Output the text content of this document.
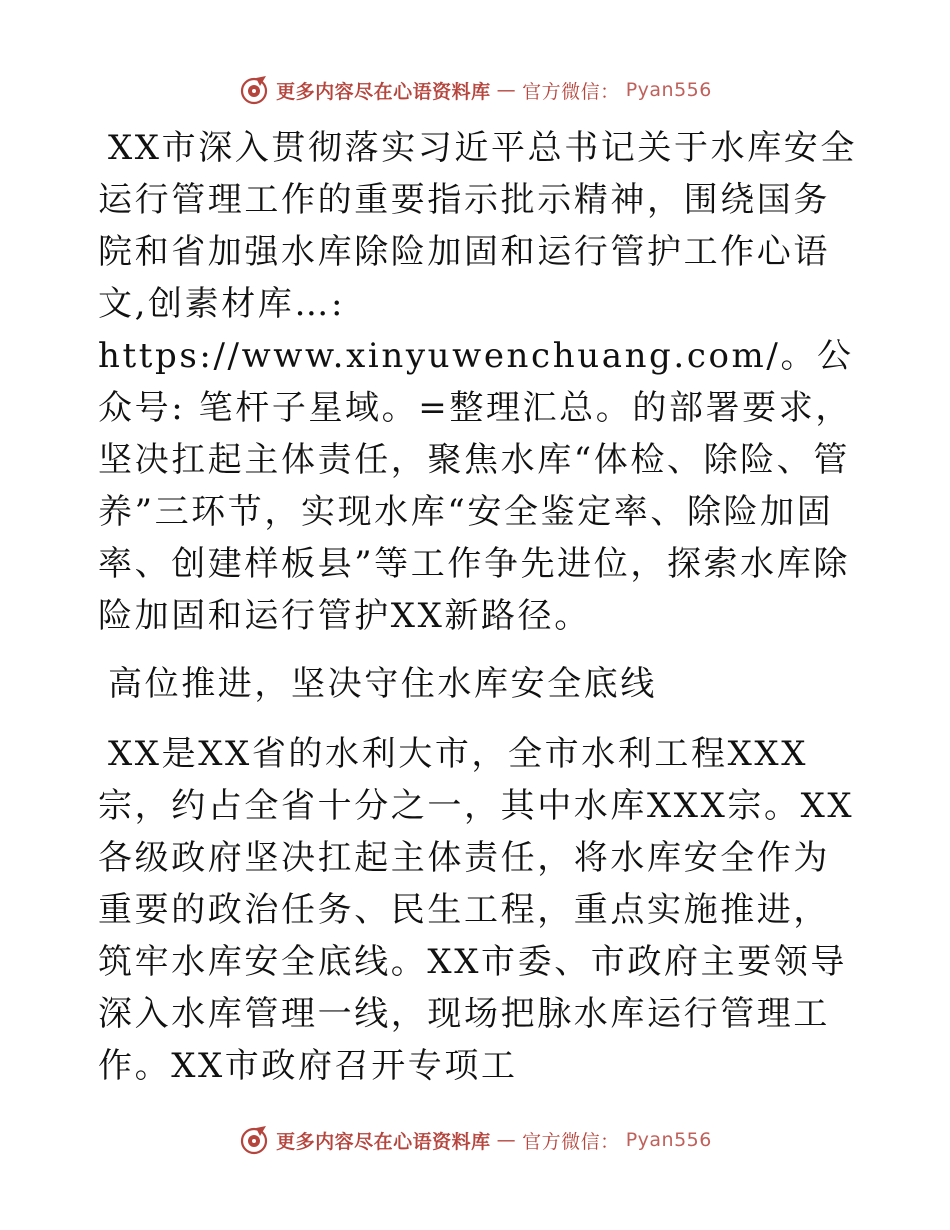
更多内容尽在心语资料库 — 官方微信： Pyan556

XX市深入贯彻落实习近平总书记关于水库安全运行管理工作的重要指示批示精神，围绕国务院和省加强水库除险加固和运行管护工作心语文,创素材库…: https://www.xinyuwenchuang.com/。公众号: 笔杆子星域。=整理汇总。的部署要求，坚决扛起主体责任，聚焦水库“体检、除险、管养”三环节，实现水库“安全鉴定率、除险加固率、创建样板县”等工作争先进位，探索水库除险加固和运行管护XX新路径。

高位推进，坚决守住水库安全底线

XX是XX省的水利大市，全市水利工程XXX宗，约占全省十分之一，其中水库XXX宗。XX各级政府坚决扛起主体责任，将水库安全作为重要的政治任务、民生工程，重点实施推进，筑牢水库安全底线。XX市委、市政府主要领导深入水库管理一线，现场把脉水库运行管理工作。XX市政府召开专项工

更多内容尽在心语资料库 — 官方微信： Pyan556
